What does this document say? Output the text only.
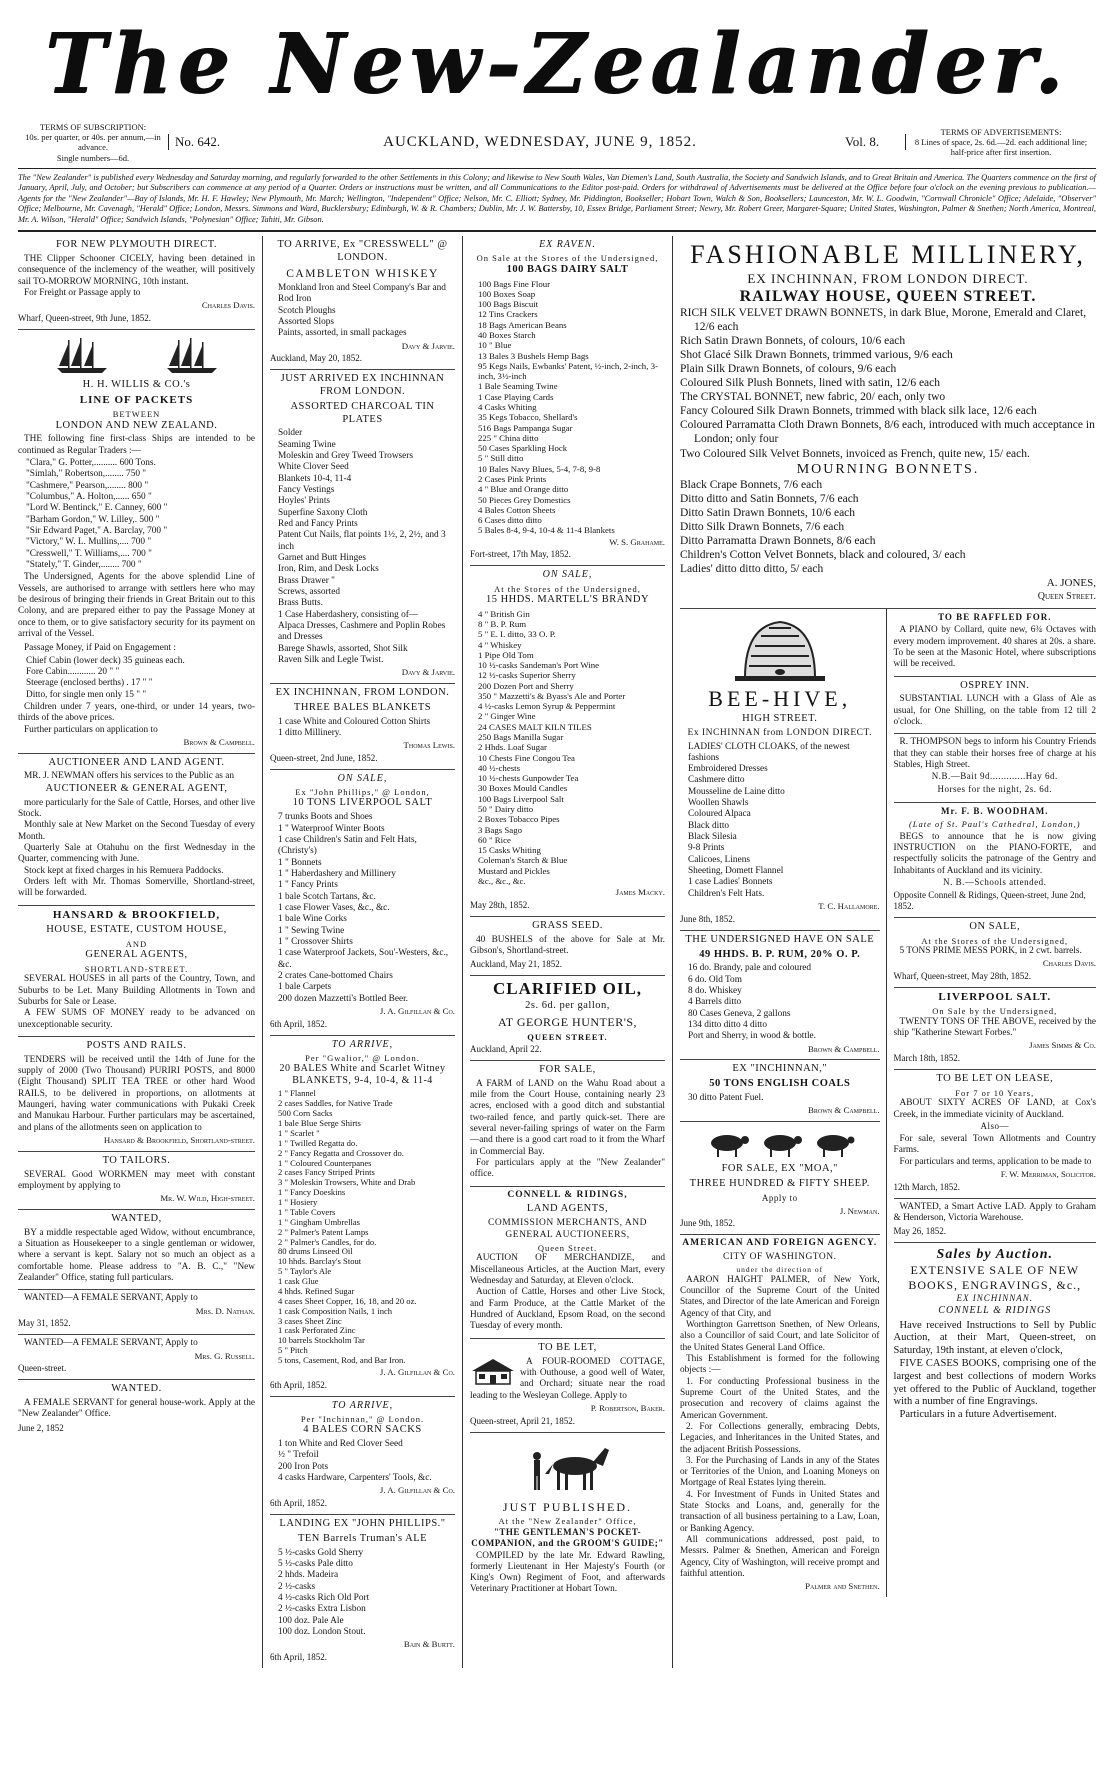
The New-Zealander.
TERMS OF SUBSCRIPTION:
10s. per quarter, or 40s. per annum,—in advance.
Single numbers—6d.
No. 642.	AUCKLAND, WEDNESDAY, JUNE 9, 1852.	Vol. 8.
TERMS OF ADVERTISEMENTS:
8 Lines of space, 2s. 6d.—2d. each additional line;
half-price after first insertion.
The "New Zealander" is published every Wednesday and Saturday morning, and regularly forwarded to the other Settlements in this Colony; and likewise to New South Wales, Van Diemen's Land, South Australia, the Society and Sandwich Islands, and to Great Britain and America. The Quarters commence on the first of January, April, July, and October; but Subscribers can commence at any period of a Quarter. Orders or instructions must be written, and all Communications to the Editor post-paid. Orders for withdrawal of Advertisements must be delivered at the Office before four o'clock on the evening previous to publication.—Agents for the "New Zealander"—Bay of Islands, Mr. H. F. Hawley; New Plymouth, Mr. March; Wellington, "Independent" Office; Nelson, Mr. C. Elliott; Sydney, Mr. Piddington, Bookseller; Hobart Town, Walch & Son, Booksellers; Launceston, Mr. W. L. Goodwin, "Cornwall Chronicle" Office; Adelaide, "Observer" Office; Melbourne, Mr. Cavenagh, "Herald" Office; London, Messrs. Simmons and Ward, Bucklersbury; Edinburgh, W. & R. Chambers; Dublin, Mr. J. W. Battersby, 10, Essex Bridge, Parliament Street; Newry, Mr. Robert Greer, Margaret-Square; United States, Washington, Palmer & Snethen; North America, Montreal, Mr. A. Wilson, "Herald" Office; Sandwich Islands, "Polynesian" Office; Tahiti, Mr. Gibson.

FOR NEW PLYMOUTH DIRECT.

THE Clipper Schooner CICELY, having been detained in consequence of the inclemency of the weather, will positively sail TO-MORROW MORNING, 10th instant.

For Freight or Passage apply to

Charles Davis.

Wharf, Queen-street, 9th June, 1852.

H. H. WILLIS & CO.'s

LINE OF PACKETS

BETWEEN

LONDON AND NEW ZEALAND.

THE following fine first-class Ships are intended to be continued as Regular Traders :—

"Clara," G. Potter,.......... 600 Tons.
"Simlah," Robertson,........ 750 "
"Cashmere," Pearson,........ 800 "
"Columbus," A. Holton,...... 650 "
"Lord W. Bentinck," E. Canney, 600 "
"Barham Gordon," W. Lilley,. 500 "
"Sir Edward Paget," A. Barclay, 700 "
"Victory," W. L. Mullins,.... 700 "
"Cresswell," T. Williams,.... 700 "
"Stately," T. Ginder,........ 700 "

The Undersigned, Agents for the above splendid Line of Vessels, are authorised to arrange with settlers here who may be desirous of bringing their friends in Great Britain out to this Colony, and are prepared either to pay the Passage Money at once to them, or to give satisfactory security for its payment on arrival of the Vessel.

Passage Money, if Paid on Engagement :

Chief Cabin (lower deck) 35 guineas each.
Fore Cabin............ 20 " "
Steerage (enclosed berths) . 17 " "
Ditto, for single men only 15 " "

Children under 7 years, one-third, or under 14 years, two-thirds of the above prices.

Further particulars on application to

Brown & Campbell.

AUCTIONEER AND LAND AGENT.

MR. J. NEWMAN offers his services to the Public as an

AUCTIONEER & GENERAL AGENT,

more particularly for the Sale of Cattle, Horses, and other live Stock.

Monthly sale at New Market on the Second Tuesday of every Month.

Quarterly Sale at Otahuhu on the first Wednesday in the Quarter, commencing with June.

Stock kept at fixed charges in his Remuera Paddocks.

Orders left with Mr. Thomas Somerville, Shortland-street, will be forwarded.

HANSARD & BROOKFIELD,

HOUSE, ESTATE, CUSTOM HOUSE,

AND

GENERAL AGENTS,

SHORTLAND-STREET.

SEVERAL HOUSES in all parts of the Country, Town, and Suburbs to be Let. Many Building Allotments in Town and Suburbs for Sale or Lease.

A FEW SUMS OF MONEY ready to be advanced on unexceptionable security.

POSTS AND RAILS.

TENDERS will be received until the 14th of June for the supply of 2000 (Two Thousand) PURIRI POSTS, and 8000 (Eight Thousand) SPLIT TEA TREE or other hard Wood RAILS, to be delivered in proportions, on allotments at Maungeri, having water communications with Pukaki Creek and Manukau Harbour. Further particulars may be ascertained, and plans of the allotments seen on application to

Hansard & Brookfield, Shortland-street.

TO TAILORS.

SEVERAL Good WORKMEN may meet with constant employment by applying to

Mr. W. Wild, High-street.

WANTED,

BY a middle respectable aged Widow, without encumbrance, a Situation as Housekeeper to a single gentleman or widower, where a servant is kept. Salary not so much an object as a comfortable home. Please address to "A. B. C.," "New Zealander" Office, stating full particulars.

WANTED—A FEMALE SERVANT, Apply to

Mrs. D. Nathan.

May 31, 1852.

WANTED—A FEMALE SERVANT, Apply to

Mrs. G. Russell.

Queen-street.

WANTED.

A FEMALE SERVANT for general house-work. Apply at the "New Zealander" Office.

June 2, 1852

TO ARRIVE, Ex "CRESSWELL" @ LONDON.

CAMBLETON WHISKEY

Monkland Iron and Steel Company's Bar and Rod Iron

Scotch Ploughs

Assorted Slops

Paints, assorted, in small packages

Davy & Jarvie.

Auckland, May 20, 1852.

JUST ARRIVED EX INCHINNAN FROM LONDON.

ASSORTED CHARCOAL TIN PLATES

Solder

Seaming Twine

Moleskin and Grey Tweed Trowsers

White Clover Seed

Blankets 10-4, 11-4

Fancy Vestings

Hoyles' Prints

Superfine Saxony Cloth

Red and Fancy Prints

Patent Cut Nails, flat points 1½, 2, 2½, and 3 inch

Garnet and Butt Hinges

Iron, Rim, and Desk Locks

Brass Drawer "

Screws, assorted

Brass Butts.

1 Case Haberdashery, consisting of—

Alpaca Dresses, Cashmere and Poplin Robes and Dresses

Barege Shawls, assorted, Shot Silk

Raven Silk and Legle Twist.

Davy & Jarvie.

EX INCHINNAN, FROM LONDON.

THREE BALES BLANKETS

1 case White and Coloured Cotton Shirts

1 ditto Millinery.

Thomas Lewis.

Queen-street, 2nd June, 1852.

ON SALE,

Ex "John Phillips," @ London,

10 TONS LIVERPOOL SALT

7 trunks Boots and Shoes

1 " Waterproof Winter Boots

1 case Children's Satin and Felt Hats, (Christy's)

1 " Bonnets

1 " Haberdashery and Millinery

1 " Fancy Prints

1 bale Scotch Tartans, &c.

1 case Flower Vases, &c., &c.

1 bale Wine Corks

1 " Sewing Twine

1 " Crossover Shirts

1 case Waterproof Jackets, Sou'-Westers, &c., &c.

2 crates Cane-bottomed Chairs

1 bale Carpets

200 dozen Mazzetti's Bottled Beer.

J. A. Gilfillan & Co.

6th April, 1852.

TO ARRIVE,

Per "Gwalior," @ London.

20 BALES White and Scarlet Witney BLANKETS, 9-4, 10-4, & 11-4

1 " Flannel

2 cases Saddles, for Native Trade

500 Corn Sacks

1 bale Blue Serge Shirts

1 " Scarlet "

1 " Twilled Regatta do.

2 " Fancy Regatta and Crossover do.

1 " Coloured Counterpanes

2 cases Fancy Striped Prints

3 " Moleskin Trowsers, White and Drab

1 " Fancy Doeskins

1 " Hosiery

1 " Table Covers

1 " Gingham Umbrellas

2 " Palmer's Patent Lamps

2 " Palmer's Candles, for do.

80 drums Linseed Oil

10 hhds. Barclay's Stout

5 " Taylor's Ale

1 cask Glue

4 hhds. Refined Sugar

4 cases Sheet Copper, 16, 18, and 20 oz.

1 cask Composition Nails, 1 inch

3 cases Sheet Zinc

1 cask Perforated Zinc

10 barrels Stockholm Tar

5 " Pitch

5 tons, Casement, Rod, and Bar Iron.

J. A. Gilfillan & Co.

6th April, 1852.

TO ARRIVE,

Per "Inchinnan," @ London.

4 BALES CORN SACKS

1 ton White and Red Clover Seed

½ " Trefoil

200 Iron Pots

4 casks Hardware, Carpenters' Tools, &c.

J. A. Gilfillan & Co.

6th April, 1852.

LANDING EX "JOHN PHILLIPS."

TEN Barrels Truman's ALE

5 ½-casks Gold Sherry

5 ½-casks Pale ditto

2 hhds. Madeira

2 ½-casks

4 ½-casks Rich Old Port

2 ½-casks Extra Lisbon

100 doz. Pale Ale

100 doz. London Stout.

Bain & Burtt.

6th April, 1852.

EX RAVEN.

On Sale at the Stores of the Undersigned,

100 BAGS DAIRY SALT

100 Bags Fine Flour

100 Boxes Soap

100 Bags Biscuit

12 Tins Crackers

18 Bags American Beans

40 Boxes Starch

10 " Blue

13 Bales 3 Bushels Hemp Bags

95 Kegs Nails, Ewbanks' Patent, ½-inch, 2-inch, 3-inch, 3½-inch

1 Bale Seaming Twine

1 Case Playing Cards

4 Casks Whiting

35 Kegs Tobacco, Shellard's

516 Bags Pampanga Sugar

225 " China ditto

50 Cases Sparkling Hock

5 " Still ditto

10 Bales Navy Blues, 5-4, 7-8, 9-8

2 Cases Pink Prints

4 " Blue and Orange ditto

50 Pieces Grey Domestics

4 Bales Cotton Sheets

6 Cases ditto ditto

5 Bales 8-4, 9-4, 10-4 & 11-4 Blankets

W. S. Grahame.

Fort-street, 17th May, 1852.

ON SALE,

At the Stores of the Undersigned,

15 HHDS. MARTELL'S BRANDY

4 " British Gin

8 " B. P. Rum

5 " E. I. ditto, 33 O. P.

4 " Whiskey

1 Pipe Old Tom

10 ½-casks Sandeman's Port Wine

12 ½-casks Superior Sherry

200 Dozen Port and Sherry

350 " Mazzetti's & Byass's Ale and Porter

4 ½-casks Lemon Syrup & Peppermint

2 " Ginger Wine

24 CASES MALT KILN TILES

250 Bags Manilla Sugar

2 Hhds. Loaf Sugar

10 Chests Fine Congou Tea

40 ½-chests

10 ½-chests Gunpowder Tea

30 Boxes Mould Candles

100 Bags Liverpool Salt

50 " Dairy ditto

2 Boxes Tobacco Pipes

3 Bags Sago

60 " Rice

15 Casks Whiting

Coleman's Starch & Blue

Mustard and Pickles

&c., &c., &c.

James Macky.

May 28th, 1852.

GRASS SEED.

40 BUSHELS of the above for Sale at Mr. Gibson's, Shortland-street.

Auckland, May 21, 1852.

CLARIFIED OIL,

2s. 6d. per gallon,

AT GEORGE HUNTER'S,

QUEEN STREET.

Auckland, April 22.

FOR SALE,

A FARM of LAND on the Wahu Road about a mile from the Court House, containing nearly 23 acres, enclosed with a good ditch and substantial two-railed fence, and partly quick-set. There are several never-failing springs of water on the Farm—and there is a good cart road to it from the Wharf in Commercial Bay.

For particulars apply at the "New Zealander" office.

CONNELL & RIDINGS,

LAND AGENTS,

COMMISSION MERCHANTS, AND GENERAL AUCTIONEERS,

Queen Street.

AUCTION OF MERCHANDIZE, and Miscellaneous Articles, at the Auction Mart, every Wednesday and Saturday, at Eleven o'clock.

Auction of Cattle, Horses and other Live Stock, and Farm Produce, at the Cattle Market of the Hundred of Auckland, Epsom Road, on the second Tuesday of every month.

TO BE LET,

A FOUR-ROOMED COTTAGE, with Outhouse, a good well of Water, and Orchard; situate near the road leading to the Wesleyan College. Apply to

P. Robertson, Baker.

Queen-street, April 21, 1852.

JUST PUBLISHED.

At the "New Zealander" Office,

"THE GENTLEMAN'S POCKET-COMPANION, and the GROOM'S GUIDE;"

COMPILED by the late Mr. Edward Rawling, formerly Lieutenant in Her Majesty's Fourth (or King's Own) Regiment of Foot, and afterwards Veterinary Practitioner at Hobart Town.

FASHIONABLE MILLINERY,

EX INCHINNAN, FROM LONDON DIRECT.

RAILWAY HOUSE, QUEEN STREET.

RICH SILK VELVET DRAWN BONNETS, in dark Blue, Morone, Emerald and Claret, 12/6 each

Rich Satin Drawn Bonnets, of colours, 10/6 each

Shot Glacé Silk Drawn Bonnets, trimmed various, 9/6 each

Plain Silk Drawn Bonnets, of colours, 9/6 each

Coloured Silk Plush Bonnets, lined with satin, 12/6 each

The CRYSTAL BONNET, new fabric, 20/ each, only two

Fancy Coloured Silk Drawn Bonnets, trimmed with black silk lace, 12/6 each

Coloured Parramatta Cloth Drawn Bonnets, 8/6 each, introduced with much acceptance in London; only four

Two Coloured Silk Velvet Bonnets, invoiced as French, quite new, 15/ each.

MOURNING BONNETS.

Black Crape Bonnets, 7/6 each

Ditto ditto and Satin Bonnets, 7/6 each

Ditto Satin Drawn Bonnets, 10/6 each

Ditto Silk Drawn Bonnets, 7/6 each

Ditto Parramatta Drawn Bonnets, 8/6 each

Children's Cotton Velvet Bonnets, black and coloured, 3/ each

Ladies' ditto ditto ditto, 5/ each

A. JONES,

Queen Street.

BEE-HIVE,

HIGH STREET.

Ex INCHINNAN from LONDON DIRECT.

LADIES' CLOTH CLOAKS, of the newest fashions

Embroidered Dresses

Cashmere ditto

Mousseline de Laine ditto

Woollen Shawls

Coloured Alpaca

Black ditto

Black Silesia

9-8 Prints

Calicoes, Linens

Sheeting, Domett Flannel

1 case Ladies' Bonnets

Children's Felt Hats.

T. C. Hallamore.

June 8th, 1852.

THE UNDERSIGNED HAVE ON SALE

49 HHDS. B. P. RUM, 20% O. P.

16 do. Brandy, pale and coloured

6 do. Old Tom

8 do. Whiskey

4 Barrels ditto

80 Cases Geneva, 2 gallons

134 ditto ditto 4 ditto

Port and Sherry, in wood & bottle.

Brown & Campbell.

EX "INCHINNAN,"

50 TONS ENGLISH COALS

30 ditto Patent Fuel.

Brown & Campbell.

FOR SALE, EX "MOA,"

THREE HUNDRED & FIFTY SHEEP.

Apply to

J. Newman.

June 9th, 1852.

AMERICAN AND FOREIGN AGENCY.

CITY OF WASHINGTON.

under the direction of

AARON HAIGHT PALMER, of New York, Councillor of the Supreme Court of the United States, and Director of the late American and Foreign Agency of that City, and

Worthington Garrettson Snethen, of New Orleans, also a Councillor of said Court, and late Solicitor of the United States General Land Office.

This Establishment is formed for the following objects :—

1. For conducting Professional business in the Supreme Court of the United States, and the prosecution and recovery of claims against the American Government.

2. For Collections generally, embracing Debts, Legacies, and Inheritances in the United States, and the adjacent British Possessions.

3. For the Purchasing of Lands in any of the States or Territories of the Union, and Loaning Moneys on Mortgage of Real Estates lying therein.

4. For Investment of Funds in United States and State Stocks and Loans, and, generally for the transaction of all business pertaining to a Law, Loan, or Banking Agency.

All communications addressed, post paid, to Messrs. Palmer & Snethen, American and Foreign Agency, City of Washington, will receive prompt and faithful attention.

Palmer and Snethen.

TO BE RAFFLED FOR.

A PIANO by Collard, quite new, 6¾ Octaves with every modern improvement. 40 shares at 20s. a share. To be seen at the Masonic Hotel, where subscriptions will be received.

OSPREY INN.

SUBSTANTIAL LUNCH with a Glass of Ale as usual, for One Shilling, on the table from 12 till 2 o'clock.

R. THOMPSON begs to inform his Country Friends that they can stable their horses free of charge at his Stables, High Street.

N.B.—Bait 9d.............Hay 6d.

Horses for the night, 2s. 6d.

Mr. F. B. WOODHAM.

(Late of St. Paul's Cathedral, London,)

BEGS to announce that he is now giving INSTRUCTION on the PIANO-FORTE, and respectfully solicits the patronage of the Gentry and Inhabitants of Auckland and its vicinity.

N. B.—Schools attended.

Opposite Connell & Ridings, Queen-street, June 2nd, 1852.

ON SALE,

At the Stores of the Undersigned,

5 TONS PRIME MESS PORK, in 2 cwt. barrels.

Charles Davis.

Wharf, Queen-street, May 28th, 1852.

LIVERPOOL SALT.

On Sale by the Undersigned,

TWENTY TONS OF THE ABOVE, received by the ship "Katherine Stewart Forbes."

James Simms & Co.

March 18th, 1852.

TO BE LET ON LEASE,

For 7 or 10 Years,

ABOUT SIXTY ACRES OF LAND, at Cox's Creek, in the immediate vicinity of Auckland.

Also—

For sale, several Town Allotments and Country Farms.

For particulars and terms, application to be made to

F. W. Merriman, Solicitor.

12th March, 1852.

WANTED, a Smart Active LAD. Apply to Graham & Henderson, Victoria Warehouse.

May 26, 1852.

Sales by Auction.

EXTENSIVE SALE OF NEW BOOKS, ENGRAVINGS, &c.,

EX INCHINNAN.

CONNELL & RIDINGS

Have received Instructions to Sell by Public Auction, at their Mart, Queen-street, on Saturday, 19th instant, at eleven o'clock,

FIVE CASES BOOKS, comprising one of the largest and best collections of modern Works yet offered to the Public of Auckland, together with a number of fine Engravings.

Particulars in a future Advertisement.
